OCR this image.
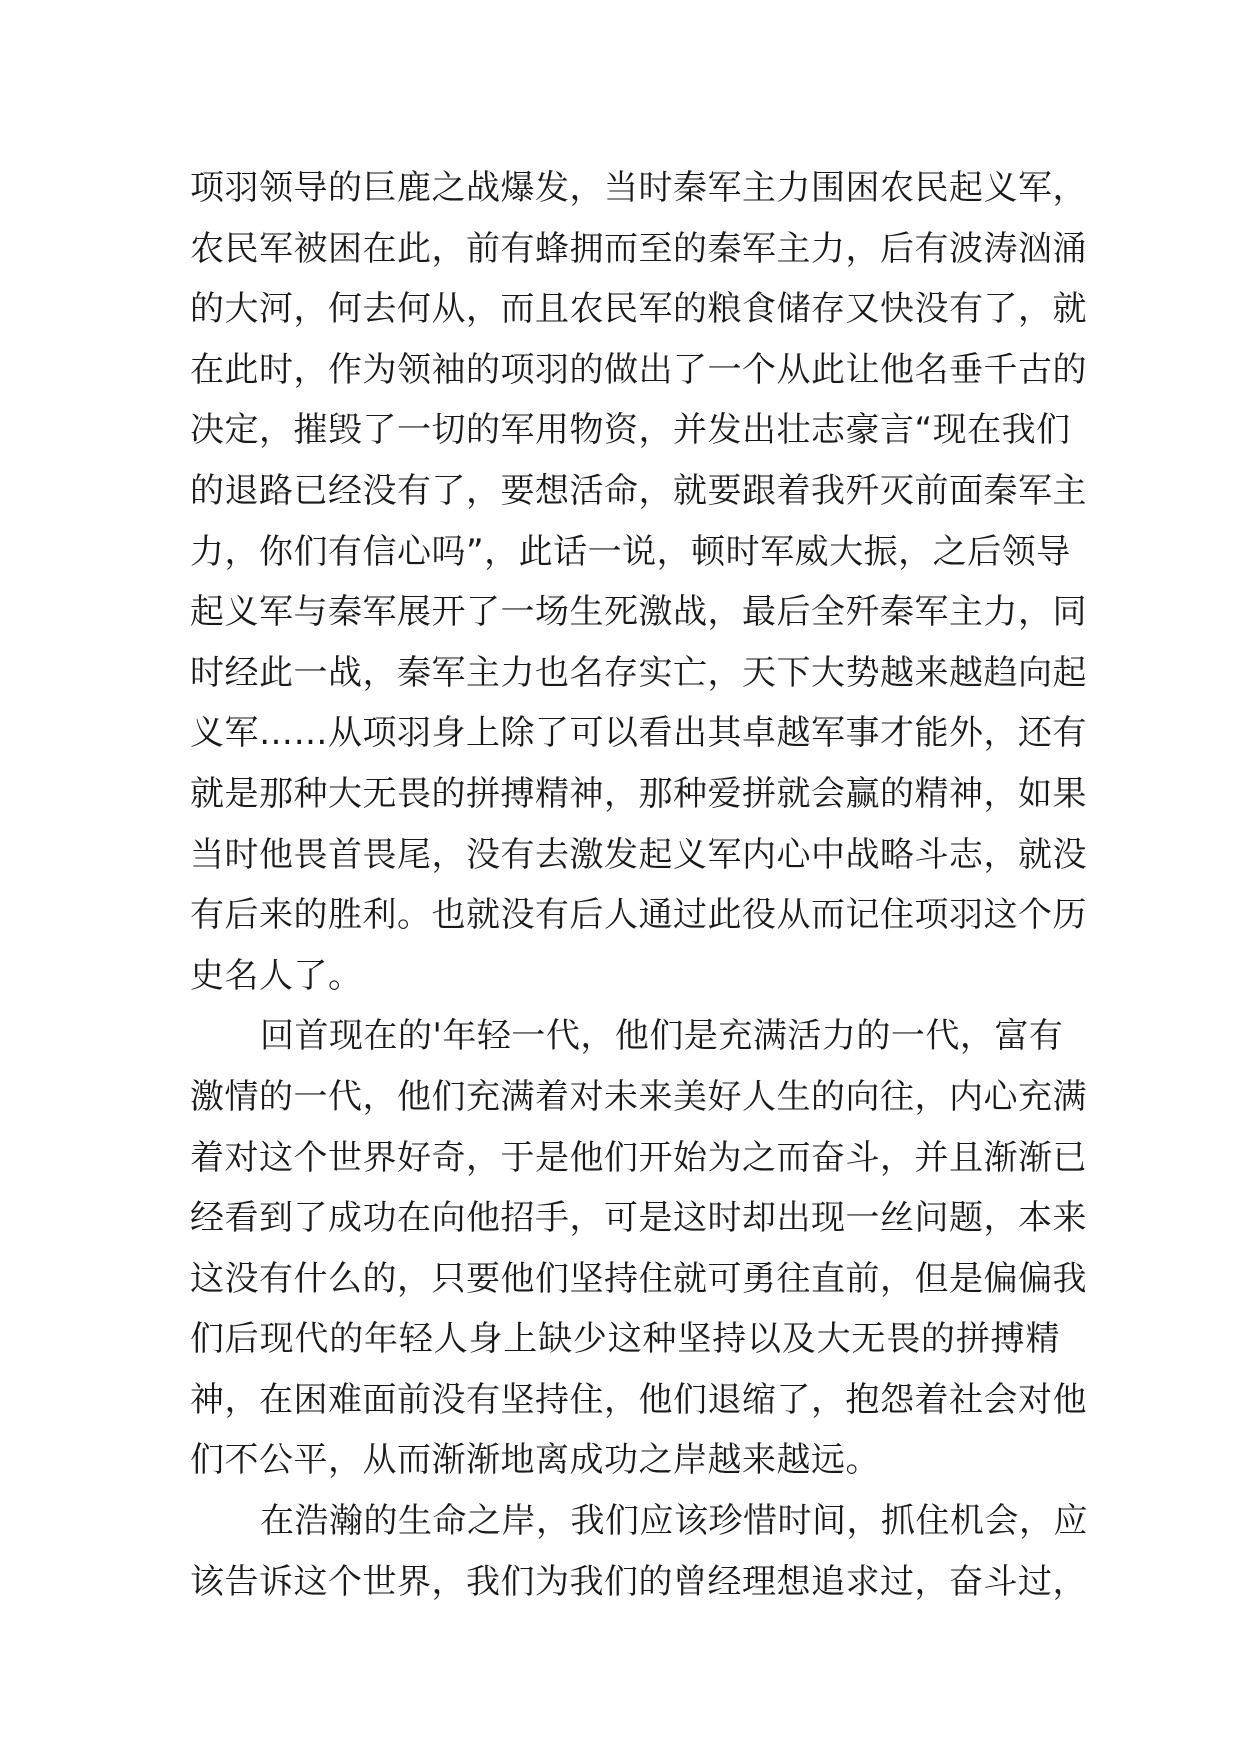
项羽领导的巨鹿之战爆发，当时秦军主力围困农民起义军，
农民军被困在此，前有蜂拥而至的秦军主力，后有波涛汹涌
的大河，何去何从，而且农民军的粮食储存又快没有了，就
在此时，作为领袖的项羽的做出了一个从此让他名垂千古的
决定，摧毁了一切的军用物资，并发出壮志豪言“现在我们
的退路已经没有了，要想活命，就要跟着我歼灭前面秦军主
力，你们有信心吗”，此话一说，顿时军威大振，之后领导
起义军与秦军展开了一场生死激战，最后全歼秦军主力，同
时经此一战，秦军主力也名存实亡，天下大势越来越趋向起
义军……从项羽身上除了可以看出其卓越军事才能外，还有
就是那种大无畏的拼搏精神，那种爱拼就会赢的精神，如果
当时他畏首畏尾，没有去激发起义军内心中战略斗志，就没
有后来的胜利。也就没有后人通过此役从而记住项羽这个历
史名人了。
回首现在的'年轻一代，他们是充满活力的一代，富有
激情的一代，他们充满着对未来美好人生的向往，内心充满
着对这个世界好奇，于是他们开始为之而奋斗，并且渐渐已
经看到了成功在向他招手，可是这时却出现一丝问题，本来
这没有什么的，只要他们坚持住就可勇往直前，但是偏偏我
们后现代的年轻人身上缺少这种坚持以及大无畏的拼搏精
神，在困难面前没有坚持住，他们退缩了，抱怨着社会对他
们不公平，从而渐渐地离成功之岸越来越远。
在浩瀚的生命之岸，我们应该珍惜时间，抓住机会，应
该告诉这个世界，我们为我们的曾经理想追求过，奋斗过，
